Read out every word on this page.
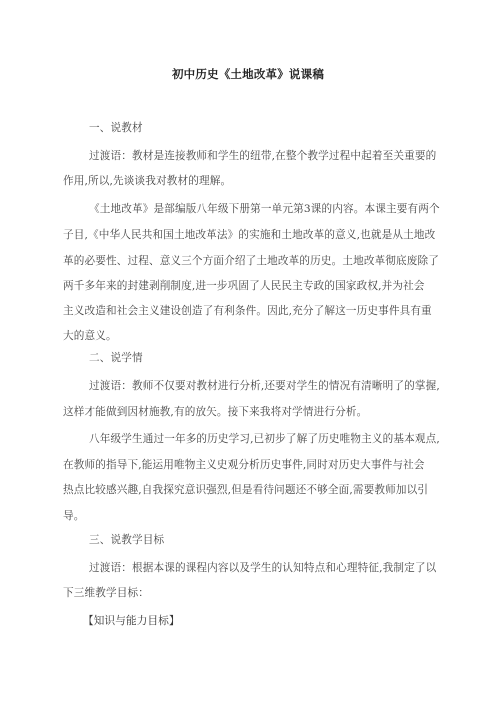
初中历史《土地改革》说课稿
一、说教材
过渡语：教材是连接教师和学生的纽带,在整个教学过程中起着至关重要的
作用,所以,先谈谈我对教材的理解。
《土地改革》是部编版八年级下册第一单元第3课的内容。本课主要有两个
子目,《中华人民共和国土地改革法》的实施和土地改革的意义,也就是从土地改
革的必要性、过程、意义三个方面介绍了土地改革的历史。土地改革彻底废除了
两千多年来的封建剥削制度,进一步巩固了人民民主专政的国家政权,并为社会
主义改造和社会主义建设创造了有利条件。因此,充分了解这一历史事件具有重
大的意义。
二、说学情
过渡语：教师不仅要对教材进行分析,还要对学生的情况有清晰明了的掌握,
这样才能做到因材施教,有的放矢。接下来我将对学情进行分析。
八年级学生通过一年多的历史学习,已初步了解了历史唯物主义的基本观点,
在教师的指导下,能运用唯物主义史观分析历史事件,同时对历史大事件与社会
热点比较感兴趣,自我探究意识强烈,但是看待问题还不够全面,需要教师加以引
导。
三、说教学目标
过渡语：根据本课的课程内容以及学生的认知特点和心理特征,我制定了以
下三维教学目标：
【知识与能力目标】
